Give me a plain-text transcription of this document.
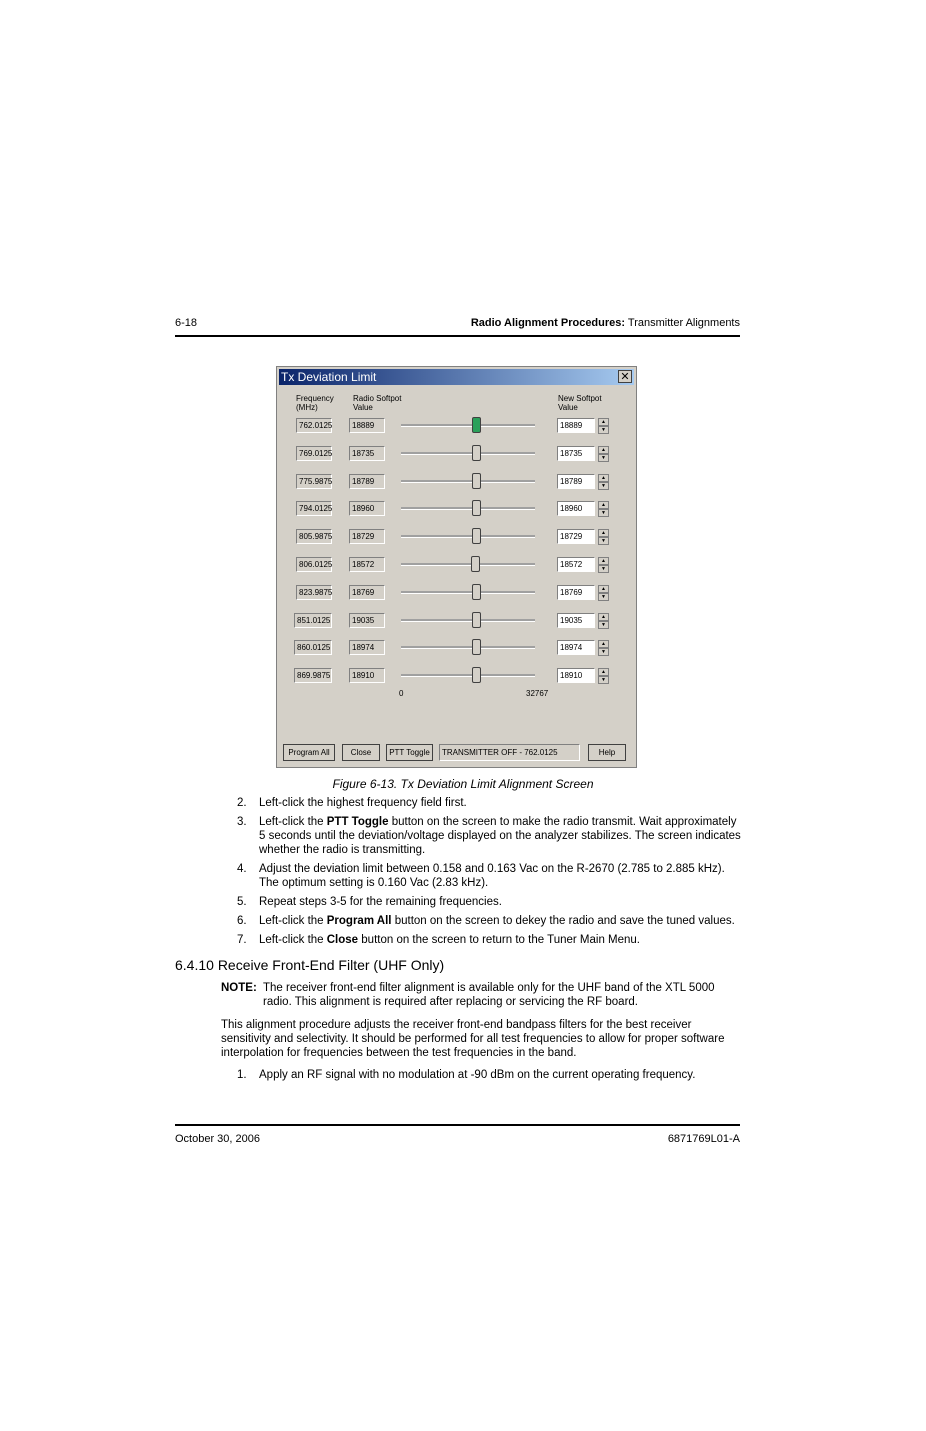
6-18	Radio Alignment Procedures: Transmitter Alignments
Tx Deviation Limit	✕
Frequency
(MHz)
Radio Softpot
Value
New Softpot
Value
762.0125	18889	18889	▲
▼
769.0125	18735	18735	▲
▼
775.9875	18789	18789	▲
▼
794.0125	18960	18960	▲
▼
805.9875	18729	18729	▲
▼
806.0125	18572	18572	▲
▼
823.9875	18769	18769	▲
▼
851.0125	19035	19035	▲
▼
860.0125	18974	18974	▲
▼
869.9875	18910	18910	▲
▼
0	32767
Program All	Close	PTT Toggle	TRANSMITTER OFF - 762.0125	Help
Figure 6-13. Tx Deviation Limit Alignment Screen
2. Left-click the highest frequency field first.
3. Left-click the PTT Toggle button on the screen to make the radio transmit. Wait approximately 5 seconds until the deviation/voltage displayed on the analyzer stabilizes. The screen indicates whether the radio is transmitting.
4. Adjust the deviation limit between 0.158 and 0.163 Vac on the R-2670 (2.785 to 2.885 kHz). The optimum setting is 0.160 Vac (2.83 kHz).
5. Repeat steps 3-5 for the remaining frequencies.
6. Left-click the Program All button on the screen to dekey the radio and save the tuned values.
7. Left-click the Close button on the screen to return to the Tuner Main Menu.
6.4.10 Receive Front-End Filter (UHF Only)
NOTE: The receiver front-end filter alignment is available only for the UHF band of the XTL 5000 radio. This alignment is required after replacing or servicing the RF board.
This alignment procedure adjusts the receiver front-end bandpass filters for the best receiver sensitivity and selectivity. It should be performed for all test frequencies to allow for proper software interpolation for frequencies between the test frequencies in the band.
1. Apply an RF signal with no modulation at -90 dBm on the current operating frequency.
October 30, 2006	6871769L01-A
